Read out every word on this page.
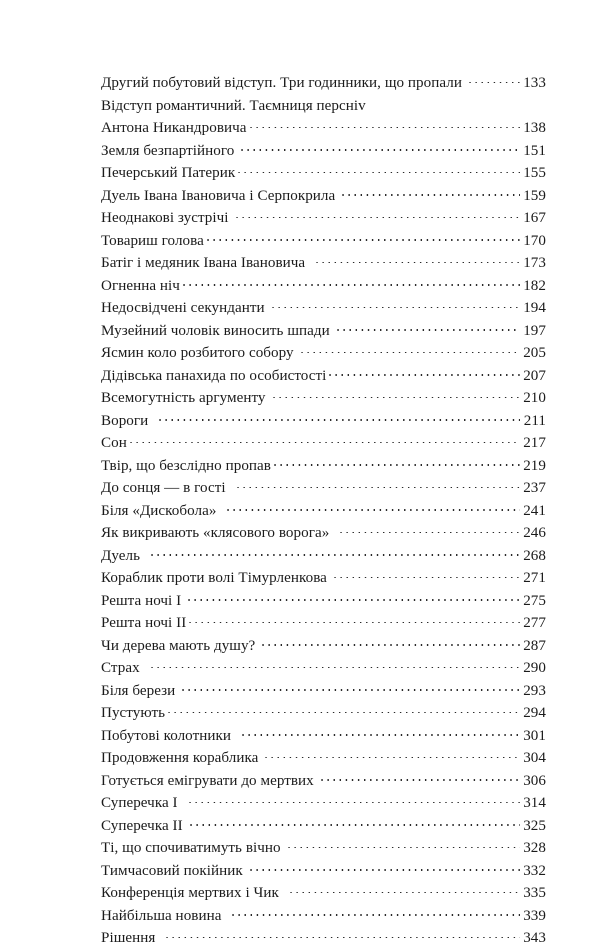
Другий побутовий відступ. Три годинники, що пропали	133
Відступ романтичний. Таємниця персніᴠ
Антона Никандровича	138
Земля безпартійного	151
Печерський Патерик	155
Дуель Івана Івановича і Серпокрила	159
Неоднакові зустрічі	167
Товариш голова	170
Батіг і медяник Івана Івановича	173
Огненна ніч	182
Недосвідчені секунданти	194
Музейний чоловік виносить шпади	197
Ясмин коло розбитого собору	205
Дідівська панахида по особистості	207
Всемогутність аргументу	210
Вороги	211
Сон	217
Твір, що безслідно пропав	219
До сонця — в гості	237
Біля «Дискобола»	241
Як викривають «клясового ворога»	246
Дуель	268
Кораблик проти волі Тімурленкова	271
Решта ночі I	275
Решта ночі II	277
Чи дерева мають душу?	287
Страх	290
Біля берези	293
Пустують	294
Побутові колотники	301
Продовження кораблика	304
Готується емігрувати до мертвих	306
Суперечка I	314
Суперечка II	325
Ті, що спочиватимуть вічно	328
Тимчасовий покійник	332
Конференція мертвих і Чик	335
Найбільша новина	339
Рішення	343
